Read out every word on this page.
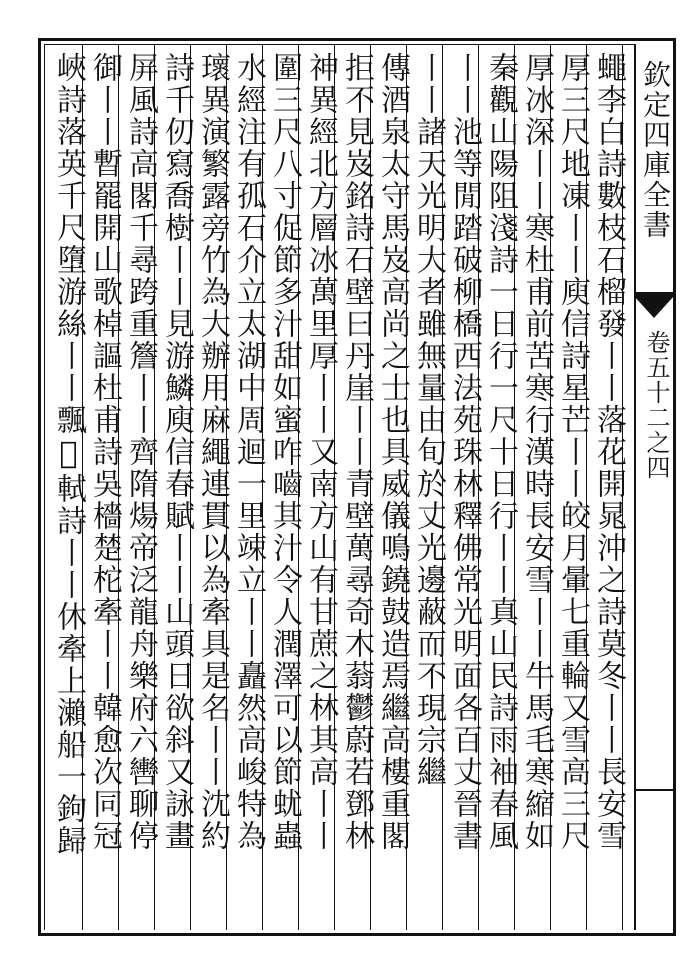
蠅李白詩數枝石榴發丨丨落花開晁沖之詩莫冬丨丨長安雪
厚三尺地凍丨丨庾信詩星芒丨丨皎月暈七重輪又雪高三尺
厚冰深丨丨寒杜甫前苦寒行漢時長安雪丨丨牛馬毛寒縮如
秦觀山陽阻淺詩一日行一尺十日行丨丨真山民詩雨袖春風
丨丨池等閒踏破柳橋西法苑珠林釋佛常光明面各百丈晉書
丨丨諸天光明大者雖無量由旬於丈光邊蔽而不現宗繼
傳酒泉太守馬岌高尚之士也具威儀鳴鐃鼓造焉繼高樓重閣
拒不見岌銘詩石壁曰丹崖丨丨青壁萬尋奇木蓊鬱蔚若鄧林
神異經北方層冰萬里厚丨丨又南方山有甘蔗之林其高丨丨
圍三尺八寸促節多汁甜如蜜咋嚙其汁令人潤澤可以節蚘蟲
水經注有孤石介立太湖中周迴一里竦立丨丨矗然高峻特為
瓌異演繁露旁竹為大辦用麻繩連貫以為牽具是名丨丨沈約
詩千仞寫喬樹丨丨見游鱗庾信春賦丨丨山頭日欲斜又詠畫
屏風詩高閣千尋跨重簷丨丨齊隋煬帝泛龍舟樂府六轡聊停
御丨丨暫罷開山歌棹謳杜甫詩吳檣楚柁牽丨丨韓愈次同冠
峽詩落英千尺墮游絲丨丨飄𦹺軾詩丨丨休牽上瀨船一鉤歸	欽定四庫全書
卷五十二之四
